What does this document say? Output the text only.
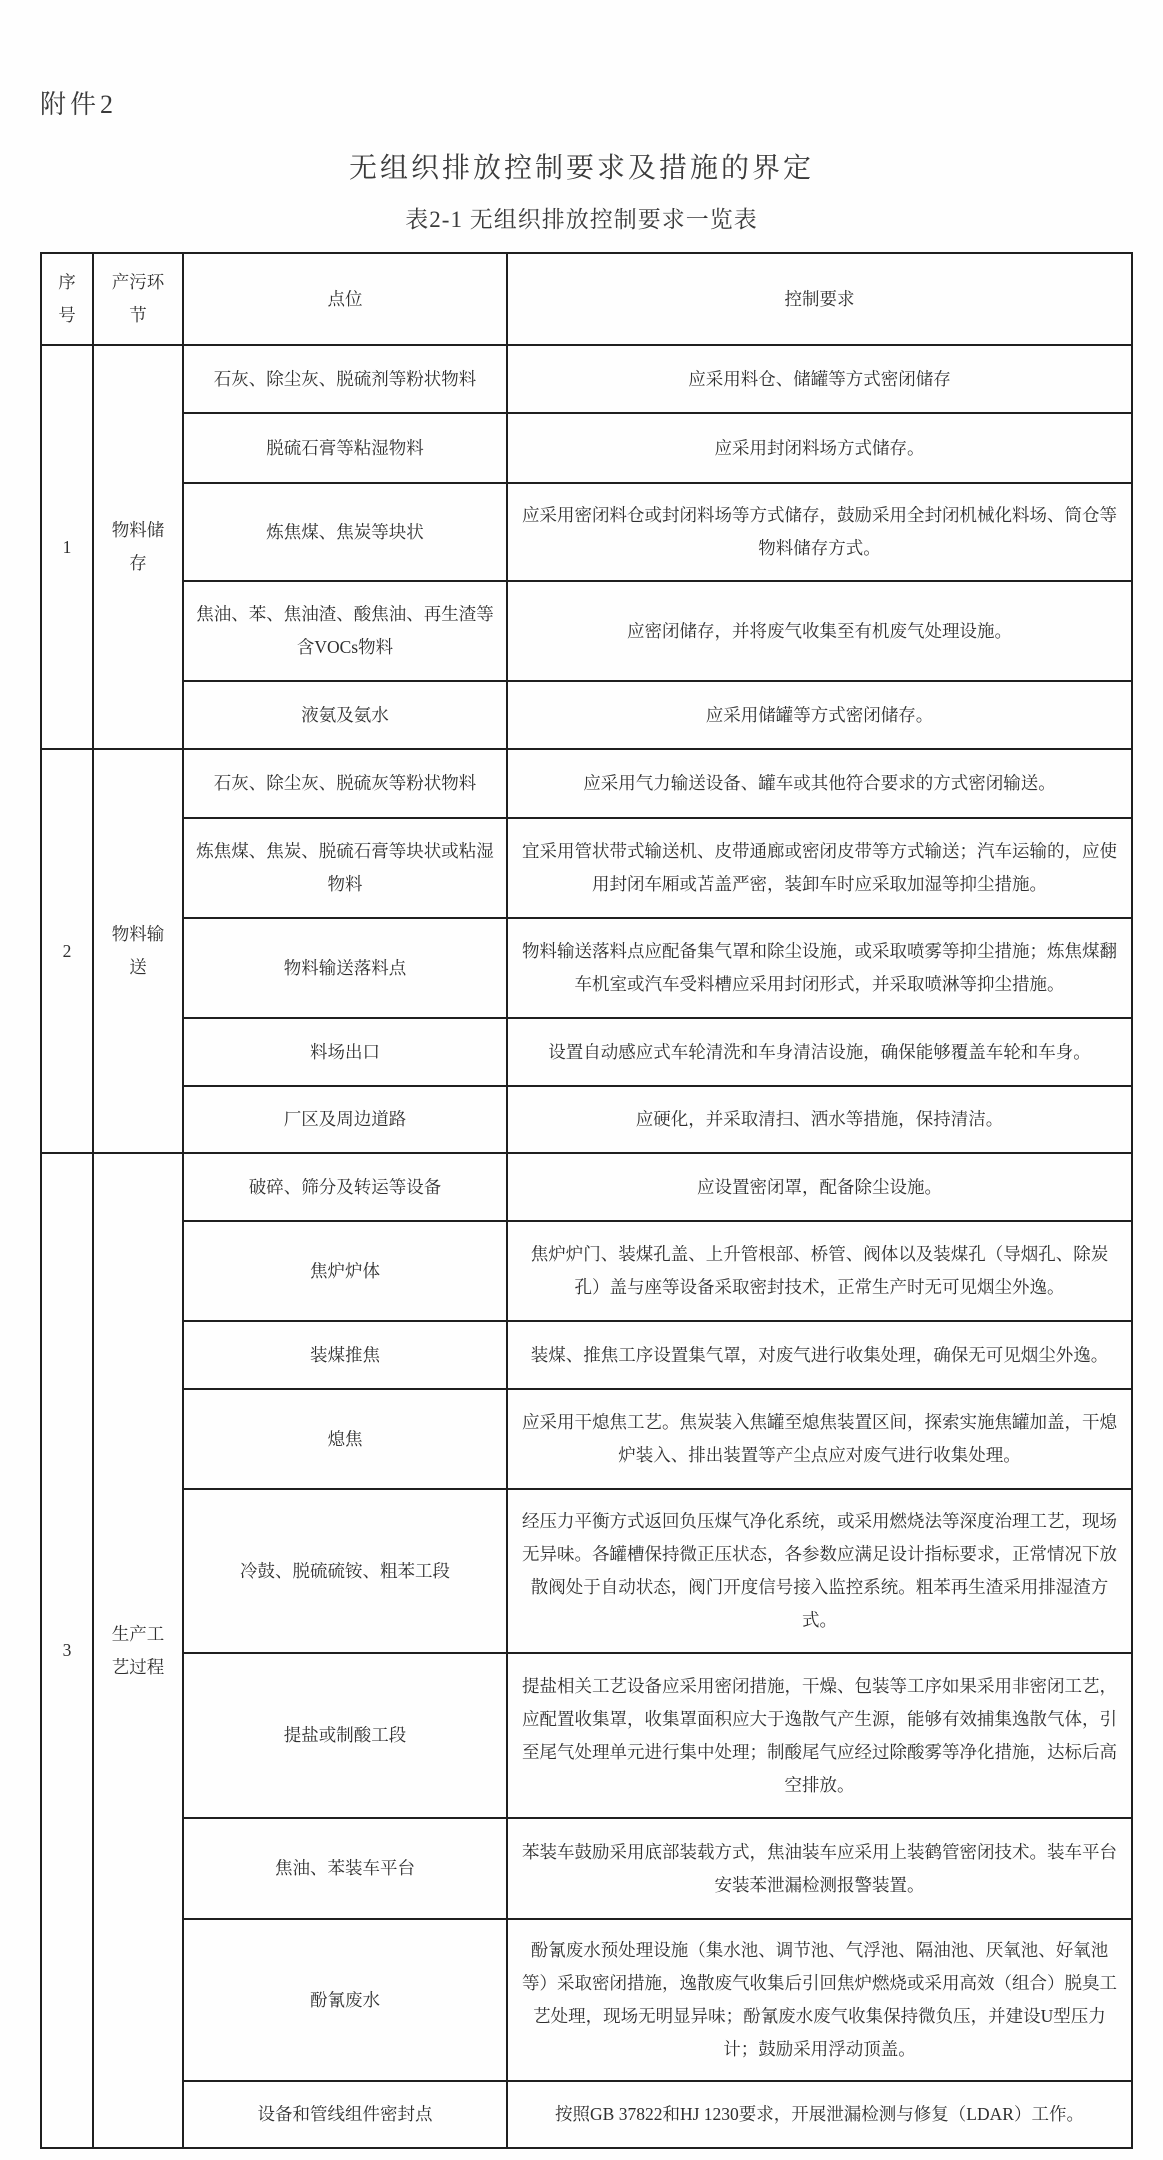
附件2
无组织排放控制要求及措施的界定
表2-1 无组织排放控制要求一览表
序号	产污环节	点位	控制要求
1	物料储存	石灰、除尘灰、脱硫剂等粉状物料	应采用料仓、储罐等方式密闭储存
		脱硫石膏等粘湿物料	应采用封闭料场方式储存。
		炼焦煤、焦炭等块状	应采用密闭料仓或封闭料场等方式储存，鼓励采用全封闭机械化料场、筒仓等物料储存方式。
		焦油、苯、焦油渣、酸焦油、再生渣等含VOCs物料	应密闭储存，并将废气收集至有机废气处理设施。
		液氨及氨水	应采用储罐等方式密闭储存。
2	物料输送	石灰、除尘灰、脱硫灰等粉状物料	应采用气力输送设备、罐车或其他符合要求的方式密闭输送。
		炼焦煤、焦炭、脱硫石膏等块状或粘湿物料	宜采用管状带式输送机、皮带通廊或密闭皮带等方式输送；汽车运输的，应使用封闭车厢或苫盖严密，装卸车时应采取加湿等抑尘措施。
		物料输送落料点	物料输送落料点应配备集气罩和除尘设施，或采取喷雾等抑尘措施；炼焦煤翻车机室或汽车受料槽应采用封闭形式，并采取喷淋等抑尘措施。
		料场出口	设置自动感应式车轮清洗和车身清洁设施，确保能够覆盖车轮和车身。
		厂区及周边道路	应硬化，并采取清扫、洒水等措施，保持清洁。
3	生产工艺过程	破碎、筛分及转运等设备	应设置密闭罩，配备除尘设施。
		焦炉炉体	焦炉炉门、装煤孔盖、上升管根部、桥管、阀体以及装煤孔（导烟孔、除炭孔）盖与座等设备采取密封技术，正常生产时无可见烟尘外逸。
		装煤推焦	装煤、推焦工序设置集气罩，对废气进行收集处理，确保无可见烟尘外逸。
		熄焦	应采用干熄焦工艺。焦炭装入焦罐至熄焦装置区间，探索实施焦罐加盖，干熄炉装入、排出装置等产尘点应对废气进行收集处理。
		冷鼓、脱硫硫铵、粗苯工段	经压力平衡方式返回负压煤气净化系统，或采用燃烧法等深度治理工艺，现场无异味。各罐槽保持微正压状态，各参数应满足设计指标要求，正常情况下放散阀处于自动状态，阀门开度信号接入监控系统。粗苯再生渣采用排湿渣方式。
		提盐或制酸工段	提盐相关工艺设备应采用密闭措施，干燥、包装等工序如果采用非密闭工艺，应配置收集罩，收集罩面积应大于逸散气产生源，能够有效捕集逸散气体，引至尾气处理单元进行集中处理；制酸尾气应经过除酸雾等净化措施，达标后高空排放。
		焦油、苯装车平台	苯装车鼓励采用底部装载方式，焦油装车应采用上装鹤管密闭技术。装车平台安装苯泄漏检测报警装置。
		酚氰废水	酚氰废水预处理设施（集水池、调节池、气浮池、隔油池、厌氧池、好氧池等）采取密闭措施，逸散废气收集后引回焦炉燃烧或采用高效（组合）脱臭工艺处理，现场无明显异味；酚氰废水废气收集保持微负压，并建设U型压力计；鼓励采用浮动顶盖。
		设备和管线组件密封点	按照GB 37822和HJ 1230要求，开展泄漏检测与修复（LDAR）工作。
